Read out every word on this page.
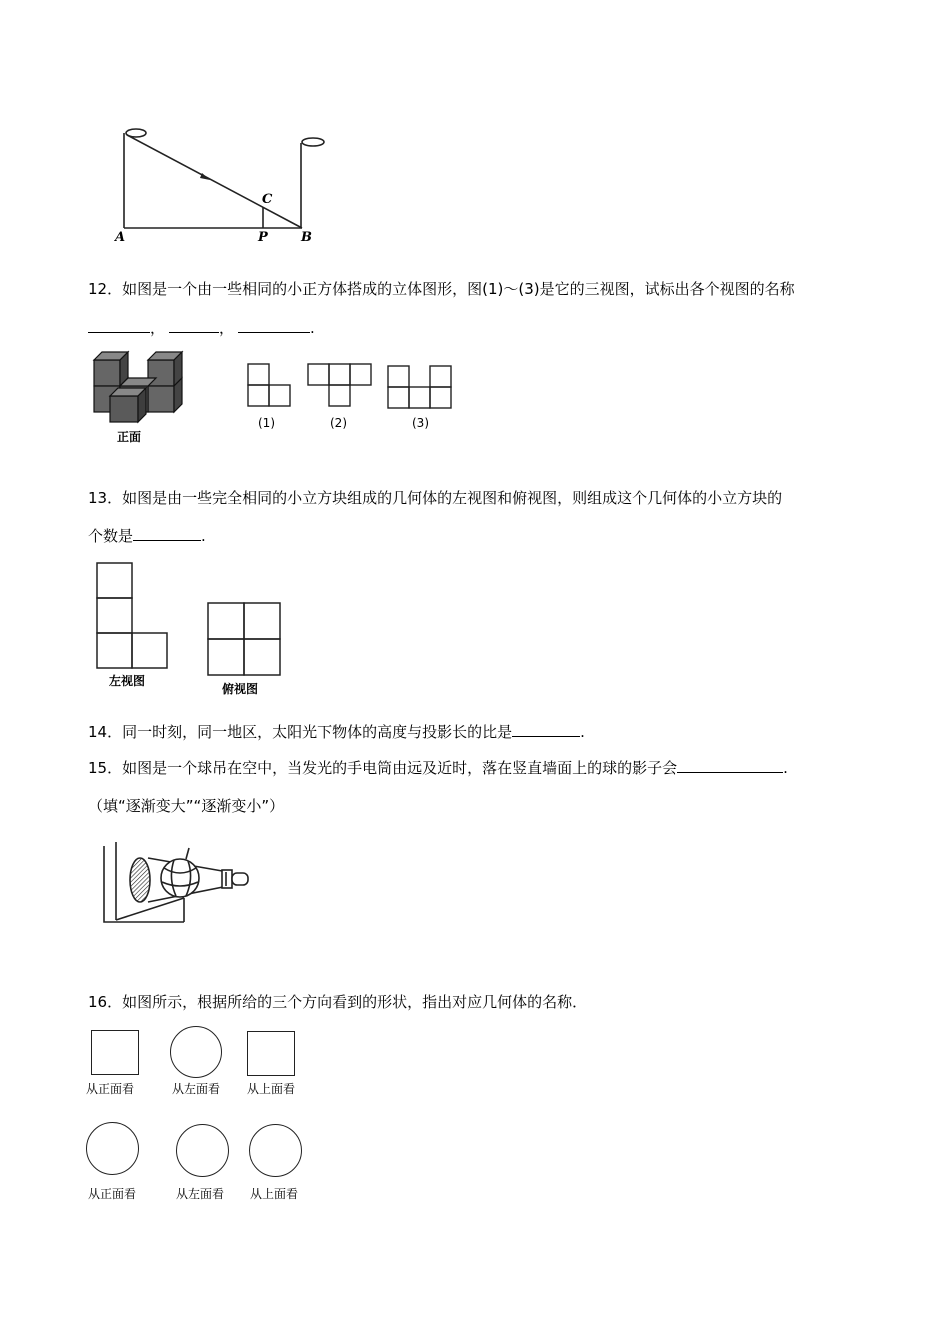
A	P	B
C
12．如图是一个由一些相同的小正方体搭成的立体图形，图(1)～(3)是它的三视图，试标出各个视图的名称
，	，	.
正面
(1)	(2)	(3)
13．如图是由一些完全相同的小立方块组成的几何体的左视图和俯视图，则组成这个几何体的小立方块的
个数是	.
左视图
俯视图
14．同一时刻，同一地区，太阳光下物体的高度与投影长的比是	.
15．如图是一个球吊在空中，当发光的手电筒由远及近时，落在竖直墙面上的球的影子会	.
（填“逐渐变大”“逐渐变小”）
16．如图所示，根据所给的三个方向看到的形状，指出对应几何体的名称．
从正面看	从左面看 从上面看
从正面看	从左面看 从上面看
